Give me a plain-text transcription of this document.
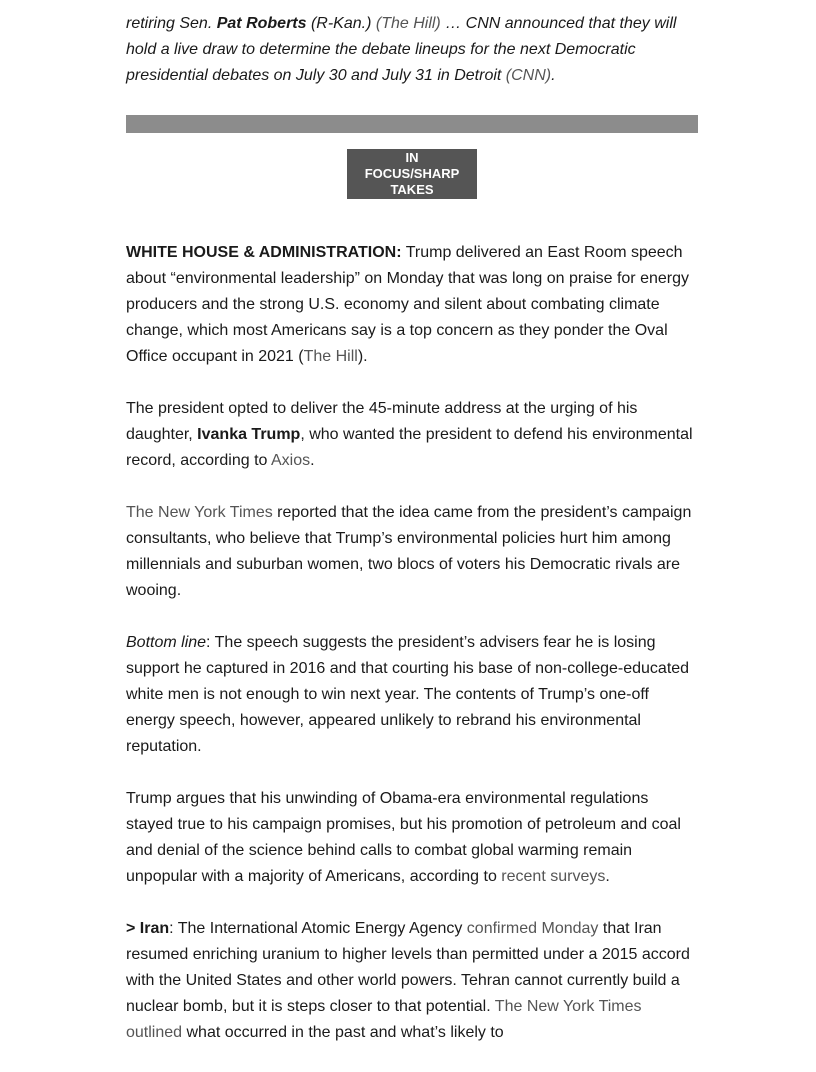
retiring Sen. Pat Roberts (R-Kan.) (The Hill) … CNN announced that they will hold a live draw to determine the debate lineups for the next Democratic presidential debates on July 30 and July 31 in Detroit (CNN).

IN
FOCUS/SHARP
TAKES

WHITE HOUSE & ADMINISTRATION: Trump delivered an East Room speech about “environmental leadership” on Monday that was long on praise for energy producers and the strong U.S. economy and silent about combating climate change, which most Americans say is a top concern as they ponder the Oval Office occupant in 2021 (The Hill).

The president opted to deliver the 45-minute address at the urging of his daughter, Ivanka Trump, who wanted the president to defend his environmental record, according to Axios.

The New York Times reported that the idea came from the president’s campaign consultants, who believe that Trump’s environmental policies hurt him among millennials and suburban women, two blocs of voters his Democratic rivals are wooing.

Bottom line: The speech suggests the president’s advisers fear he is losing support he captured in 2016 and that courting his base of non-college-educated white men is not enough to win next year. The contents of Trump’s one-off energy speech, however, appeared unlikely to rebrand his environmental reputation.

Trump argues that his unwinding of Obama-era environmental regulations stayed true to his campaign promises, but his promotion of petroleum and coal and denial of the science behind calls to combat global warming remain unpopular with a majority of Americans, according to recent surveys.

> Iran: The International Atomic Energy Agency confirmed Monday that Iran resumed enriching uranium to higher levels than permitted under a 2015 accord with the United States and other world powers. Tehran cannot currently build a nuclear bomb, but it is steps closer to that potential. The New York Times outlined what occurred in the past and what’s likely to
